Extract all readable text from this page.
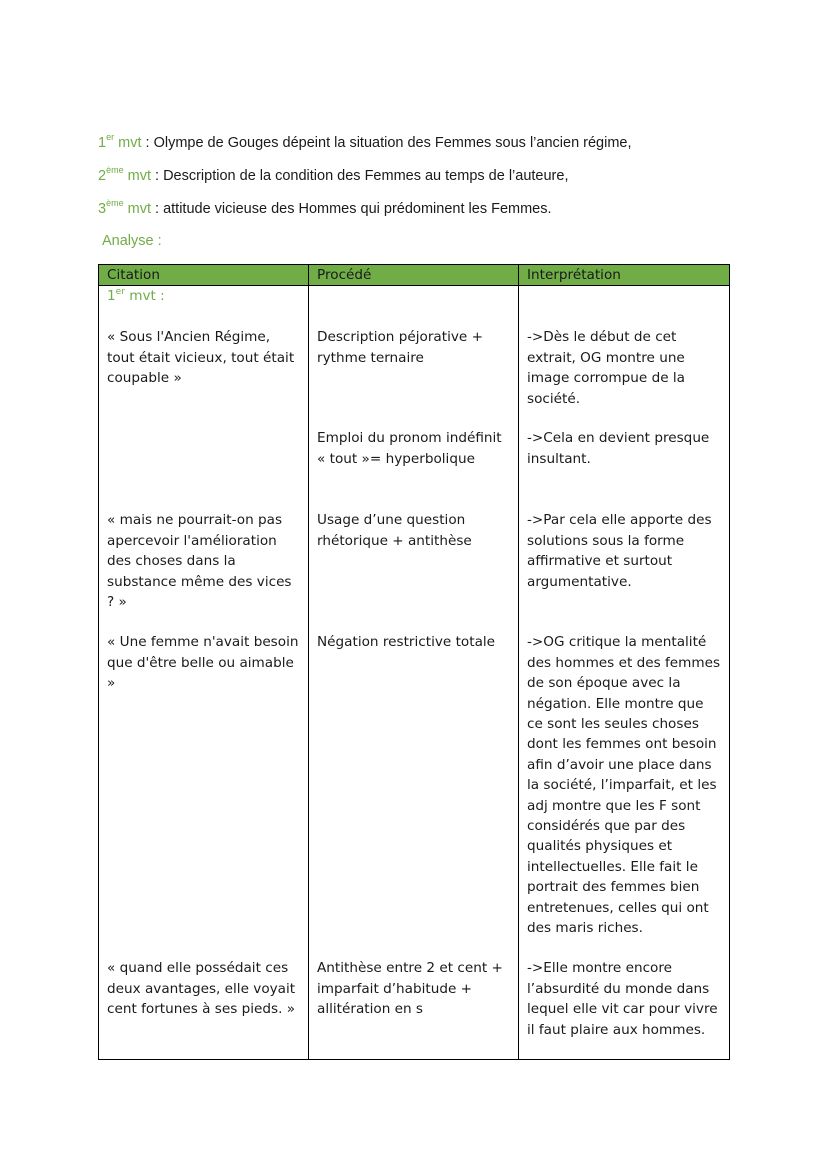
1er mvt : Olympe de Gouges dépeint la situation des Femmes sous l’ancien régime,
2ème mvt : Description de la condition des Femmes au temps de l’auteure,
3ème mvt : attitude vicieuse des Hommes qui prédominent les Femmes.
Analyse :
Citation	Procédé	Interprétation
1er mvt :		

« Sous l'Ancien Régime, tout était vicieux, tout était coupable »	Description péjorative + rythme ternaire	->Dès le début de cet extrait, OG montre une image corrompue de la société.

	Emploi du pronom indéfinit « tout »= hyperbolique	->Cela en devient presque insultant.

« mais ne pourrait-on pas apercevoir l'amélioration des choses dans la substance même des vices ? »	Usage d’une question rhétorique + antithèse	->Par cela elle apporte des solutions sous la forme affirmative et surtout argumentative.

« Une femme n'avait besoin que d'être belle ou aimable »	Négation restrictive totale	->OG critique la mentalité des hommes et des femmes de son époque avec la négation. Elle montre que ce sont les seules choses dont les femmes ont besoin afin d’avoir une place dans la société, l’imparfait, et les adj montre que les F sont considérés que par des qualités physiques et intellectuelles. Elle fait le portrait des femmes bien entretenues, celles qui ont des maris riches.

« quand elle possédait ces deux avantages, elle voyait cent fortunes à ses pieds. »	Antithèse entre 2 et cent + imparfait d’habitude + allitération en s	->Elle montre encore l’absurdité du monde dans lequel elle vit car pour vivre il faut plaire aux hommes.
